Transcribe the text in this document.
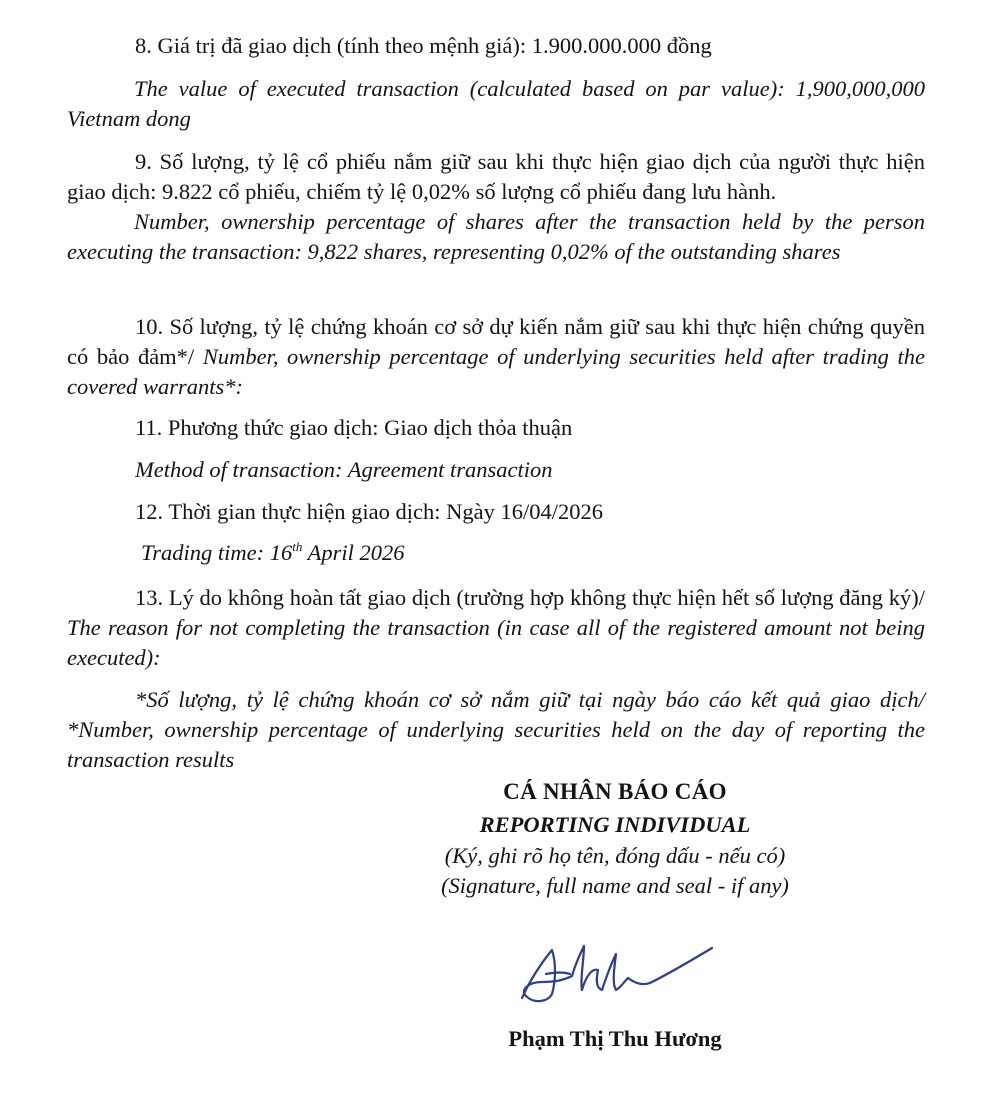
8. Giá trị đã giao dịch (tính theo mệnh giá): 1.900.000.000 đồng

The value of executed transaction (calculated based on par value): 1,900,000,000 Vietnam dong

9. Số lượng, tỷ lệ cổ phiếu nắm giữ sau khi thực hiện giao dịch của người thực hiện giao dịch: 9.822 cổ phiếu, chiếm tỷ lệ 0,02% số lượng cổ phiếu đang lưu hành.

Number, ownership percentage of shares after the transaction held by the person executing the transaction: 9,822 shares, representing 0,02% of the outstanding shares

10. Số lượng, tỷ lệ chứng khoán cơ sở dự kiến nắm giữ sau khi thực hiện chứng quyền có bảo đảm*/ Number, ownership percentage of underlying securities held after trading the covered warrants*:

11. Phương thức giao dịch: Giao dịch thỏa thuận

Method of transaction: Agreement transaction

12. Thời gian thực hiện giao dịch: Ngày 16/04/2026

Trading time: 16th April 2026

13. Lý do không hoàn tất giao dịch (trường hợp không thực hiện hết số lượng đăng ký)/ The reason for not completing the transaction (in case all of the registered amount not being executed):

*Số lượng, tỷ lệ chứng khoán cơ sở nắm giữ tại ngày báo cáo kết quả giao dịch/ *Number, ownership percentage of underlying securities held on the day of reporting the transaction results

CÁ NHÂN BÁO CÁO

REPORTING INDIVIDUAL

(Ký, ghi rõ họ tên, đóng dấu - nếu có)

(Signature, full name and seal - if any)

Phạm Thị Thu Hương
